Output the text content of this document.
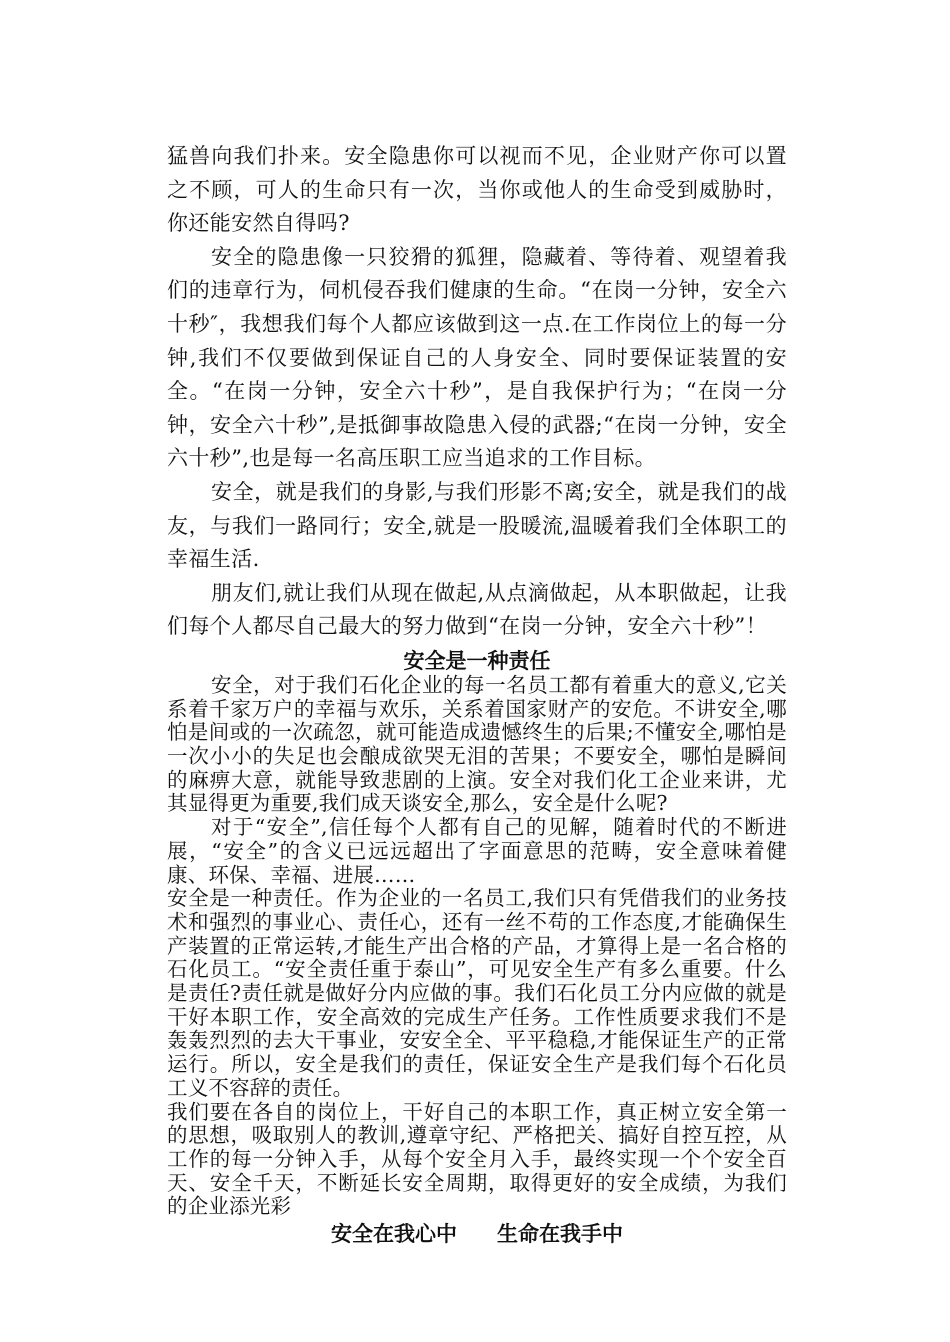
猛兽向我们扑来。安全隐患你可以视而不见，企业财产你可以置之不顾，可人的生命只有一次，当你或他人的生命受到威胁时，你还能安然自得吗?

安全的隐患像一只狡猾的狐狸，隐藏着、等待着、观望着我们的违章行为，伺机侵吞我们健康的生命。“在岗一分钟，安全六十秒″，我想我们每个人都应该做到这一点.在工作岗位上的每一分钟,我们不仅要做到保证自己的人身安全、同时要保证装置的安全。“在岗一分钟，安全六十秒”，是自我保护行为；“在岗一分钟，安全六十秒”,是抵御事故隐患入侵的武器;“在岗一分钟，安全六十秒”,也是每一名高压职工应当追求的工作目标。

安全，就是我们的身影,与我们形影不离;安全，就是我们的战友，与我们一路同行；安全,就是一股暖流,温暖着我们全体职工的幸福生活.

朋友们,就让我们从现在做起,从点滴做起，从本职做起，让我们每个人都尽自己最大的努力做到“在岗一分钟，安全六十秒”！

安全是一种责任

安全，对于我们石化企业的每一名员工都有着重大的意义,它关系着千家万户的幸福与欢乐，关系着国家财产的安危。不讲安全,哪怕是间或的一次疏忽，就可能造成遗憾终生的后果;不懂安全,哪怕是一次小小的失足也会酿成欲哭无泪的苦果；不要安全，哪怕是瞬间的麻痹大意，就能导致悲剧的上演。安全对我们化工企业来讲，尤其显得更为重要,我们成天谈安全,那么，安全是什么呢?

对于“安全”,信任每个人都有自己的见解，随着时代的不断进展，“安全”的含义已远远超出了字面意思的范畴，安全意味着健康、环保、幸福、进展……

安全是一种责任。作为企业的一名员工,我们只有凭借我们的业务技术和强烈的事业心、责任心，还有一丝不苟的工作态度,才能确保生产装置的正常运转,才能生产出合格的产品，才算得上是一名合格的石化员工。“安全责任重于泰山”，可见安全生产有多么重要。什么是责任?责任就是做好分内应做的事。我们石化员工分内应做的就是干好本职工作，安全高效的完成生产任务。工作性质要求我们不是轰轰烈烈的去大干事业，安安全全、平平稳稳,才能保证生产的正常运行。所以，安全是我们的责任，保证安全生产是我们每个石化员工义不容辞的责任。

我们要在各自的岗位上，干好自己的本职工作，真正树立安全第一的思想，吸取别人的教训,遵章守纪、严格把关、搞好自控互控，从工作的每一分钟入手，从每个安全月入手，最终实现一个个安全百天、安全千天，不断延长安全周期，取得更好的安全成绩，为我们的企业添光彩

安全在我心中 生命在我手中
